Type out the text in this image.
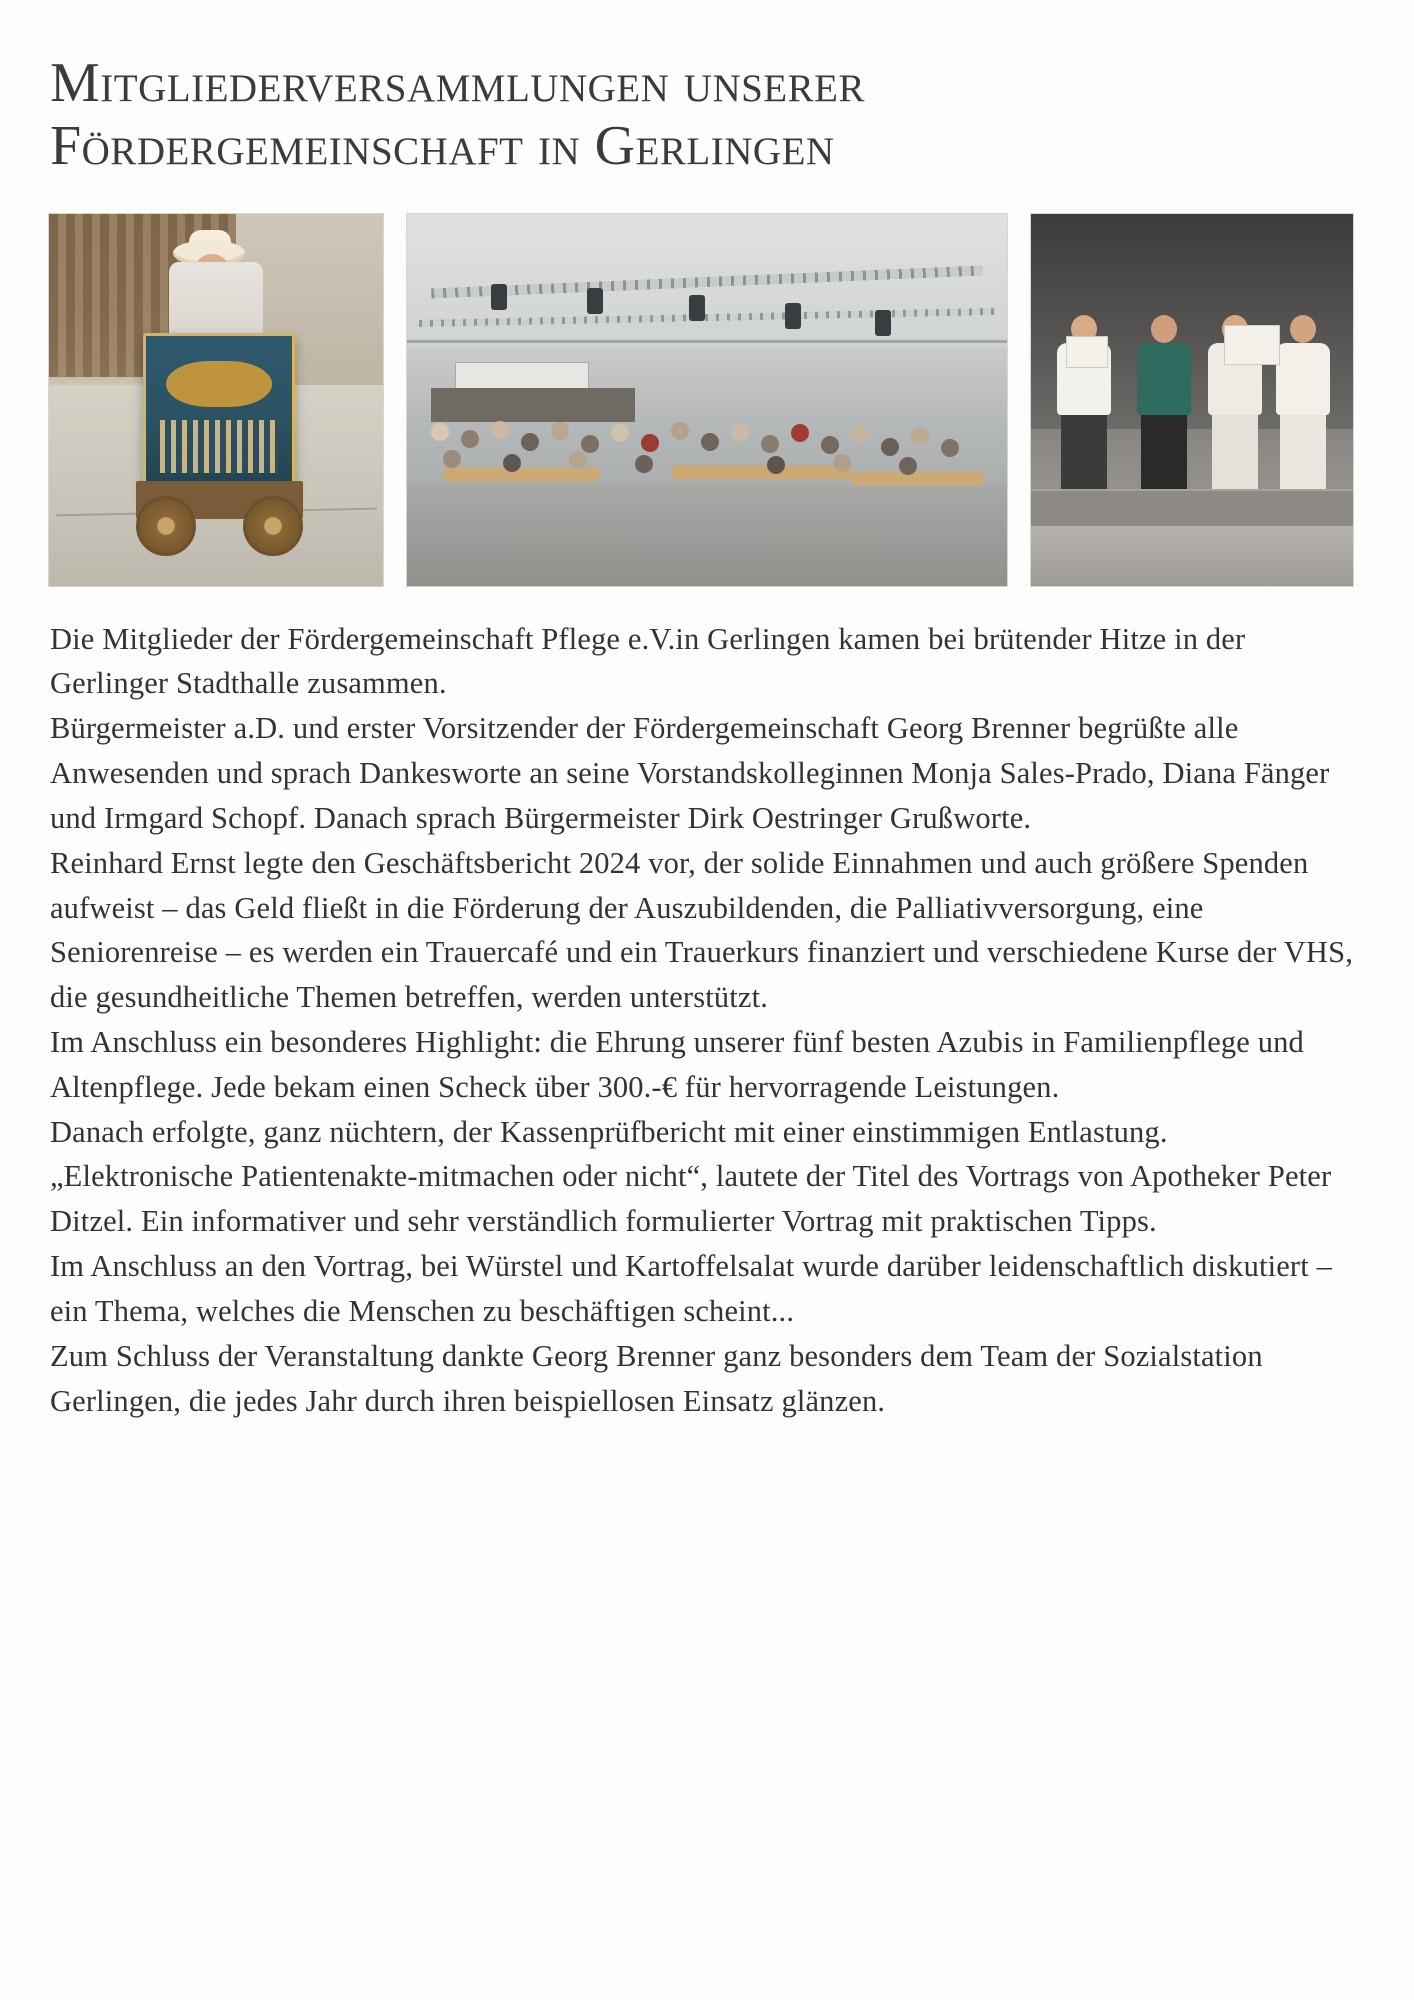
Mitgliederversammlungen unserer
Fördergemeinschaft in Gerlingen

Die Mitglieder der Fördergemeinschaft Pflege e.V.in Gerlingen kamen bei brütender Hitze in der Gerlinger Stadthalle zusammen.

Bürgermeister a.D. und erster Vorsitzender der Fördergemeinschaft Georg Brenner begrüßte alle Anwesenden und sprach Dankesworte an seine Vorstandskolleginnen Monja Sales-Prado, Diana Fänger und Irmgard Schopf. Danach sprach Bürgermeister Dirk Oestringer Grußworte.

Reinhard Ernst legte den Geschäftsbericht 2024 vor, der solide Einnahmen und auch größere Spenden aufweist – das Geld fließt in die Förderung der Auszubildenden, die Palliativversorgung, eine Seniorenreise – es werden ein Trauercafé und ein Trauerkurs finanziert und verschiedene Kurse der VHS, die gesundheitliche Themen betreffen, werden unterstützt.

Im Anschluss ein besonderes Highlight: die Ehrung unserer fünf besten Azubis in Familienpflege und Altenpflege. Jede bekam einen Scheck über 300.-€ für hervorragende Leistungen.

Danach erfolgte, ganz nüchtern, der Kassenprüfbericht mit einer einstimmigen Entlastung.

„Elektronische Patientenakte-mitmachen oder nicht“, lautete der Titel des Vortrags von Apotheker Peter Ditzel. Ein informativer und sehr verständlich formulierter Vortrag mit praktischen Tipps.

Im Anschluss an den Vortrag, bei Würstel und Kartoffelsalat wurde darüber leidenschaftlich diskutiert – ein Thema, welches die Menschen zu beschäftigen scheint...

Zum Schluss der Veranstaltung dankte Georg Brenner ganz besonders dem Team der Sozialstation Gerlingen, die jedes Jahr durch ihren beispiellosen Einsatz glänzen.
